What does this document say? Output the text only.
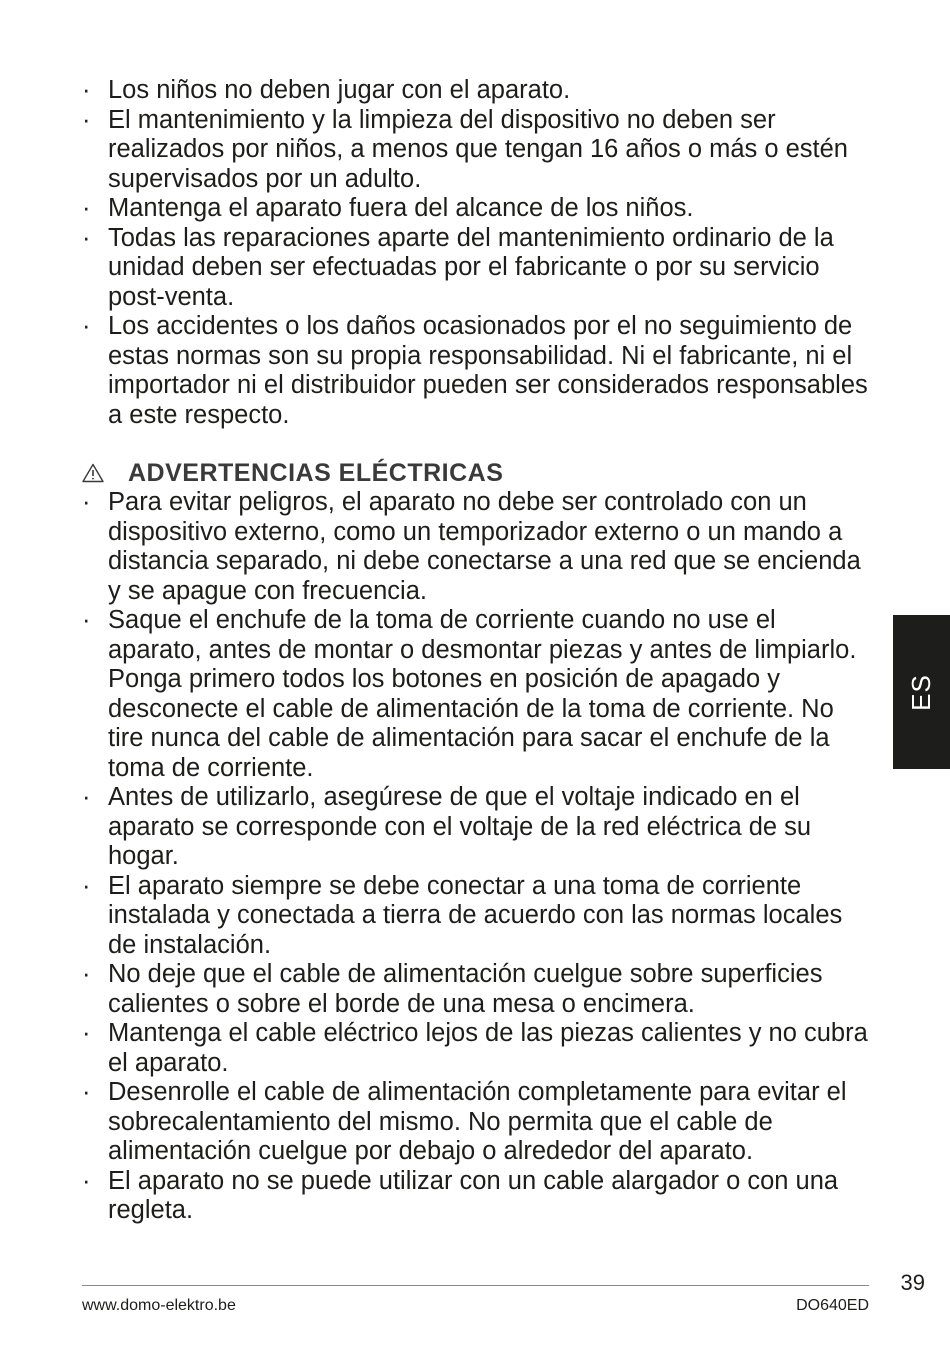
· Los niños no deben jugar con el aparato.
· El mantenimiento y la limpieza del dispositivo no deben ser realizados por niños, a menos que tengan 16 años o más o estén supervisados por un adulto.
· Mantenga el aparato fuera del alcance de los niños.
· Todas las reparaciones aparte del mantenimiento ordinario de la unidad deben ser efectuadas por el fabricante o por su servicio post-venta.
· Los accidentes o los daños ocasionados por el no seguimiento de estas normas son su propia responsabilidad. Ni el fabricante, ni el importador ni el distribuidor pueden ser considerados responsables a este respecto.
ADVERTENCIAS ELÉCTRICAS
· Para evitar peligros, el aparato no debe ser controlado con un dispositivo externo, como un temporizador externo o un mando a distancia separado, ni debe conectarse a una red que se encienda y se apague con frecuencia.
· Saque el enchufe de la toma de corriente cuando no use el aparato, antes de montar o desmontar piezas y antes de limpiarlo. Ponga primero todos los botones en posición de apagado y desconecte el cable de alimentación de la toma de corriente. No tire nunca del cable de alimentación para sacar el enchufe de la toma de corriente.
· Antes de utilizarlo, asegúrese de que el voltaje indicado en el aparato se corresponde con el voltaje de la red eléctrica de su hogar.
· El aparato siempre se debe conectar a una toma de corriente instalada y conectada a tierra de acuerdo con las normas locales de instalación.
· No deje que el cable de alimentación cuelgue sobre superficies calientes o sobre el borde de una mesa o encimera.
· Mantenga el cable eléctrico lejos de las piezas calientes y no cubra el aparato.
· Desenrolle el cable de alimentación completamente para evitar el sobrecalentamiento del mismo. No permita que el cable de alimentación cuelgue por debajo o alrededor del aparato.
· El aparato no se puede utilizar con un cable alargador o con una regleta.
ES
39
www.domo-elektro.be	DO640ED
